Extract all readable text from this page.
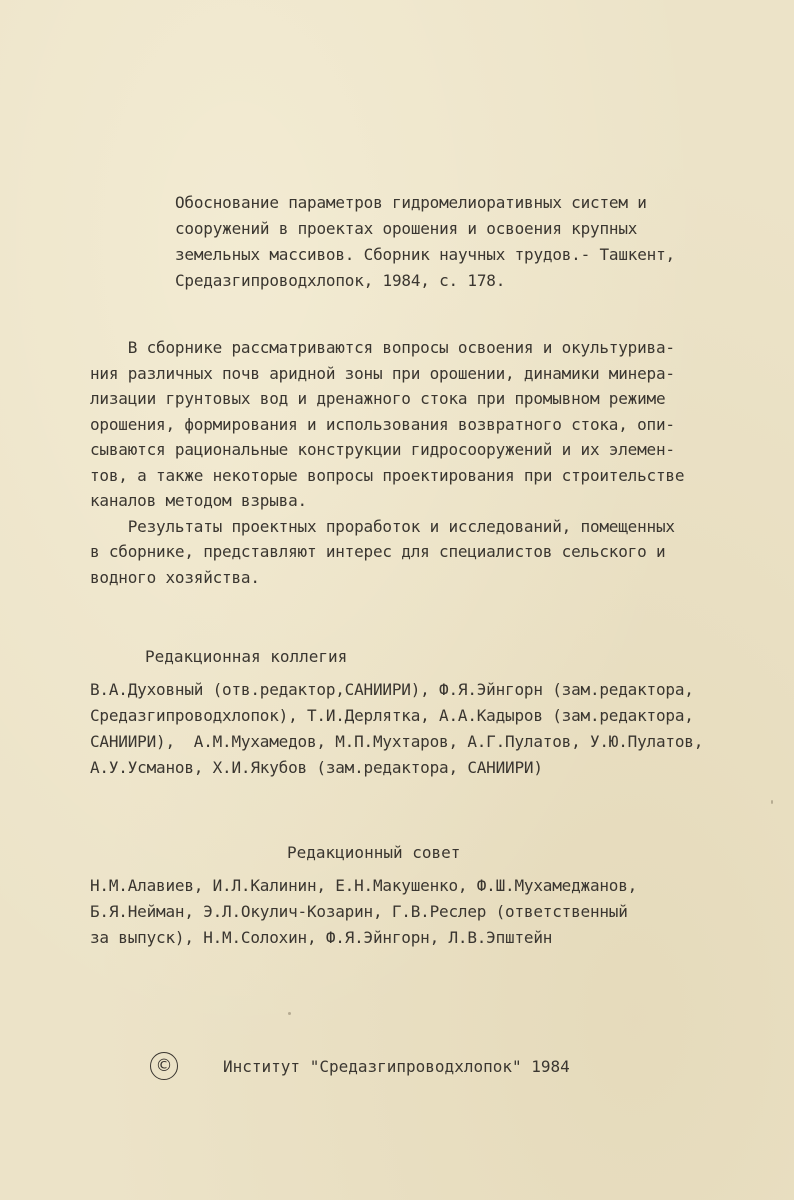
Обоснование параметров гидромелиоративных систем и
сооружений в проектах орошения и освоения крупных
земельных массивов. Сборник научных трудов.- Ташкент,
Средазгипроводхлопок, 1984, с. 178.

В сборнике рассматриваются вопросы освоения и окультурива-
ния различных почв аридной зоны при орошении, динамики минера-
лизации грунтовых вод и дренажного стока при промывном режиме
орошения, формирования и использования возвратного стока, опи-
сываются рациональные конструкции гидросооружений и их элемен-
тов, а также некоторые вопросы проектирования при строительстве
каналов методом взрыва.
Результаты проектных проработок и исследований, помещенных
в сборнике, представляют интерес для специалистов сельского и
водного хозяйства.

Редакционная коллегия

В.А.Духовный (отв.редактор,САНИИРИ), Ф.Я.Эйнгорн (зам.редактора,
Средазгипроводхлопок), Т.И.Дерлятка, А.А.Кадыров (зам.редактора,
САНИИРИ),  А.М.Мухамедов, М.П.Мухтаров, А.Г.Пулатов, У.Ю.Пулатов,
А.У.Усманов, Х.И.Якубов (зам.редактора, САНИИРИ)

Редакционный совет

Н.М.Алавиев, И.Л.Калинин, Е.Н.Макушенко, Ф.Ш.Мухамеджанов,
Б.Я.Нейман, Э.Л.Окулич-Козарин, Г.В.Реслер (ответственный
за выпуск), Н.М.Солохин, Ф.Я.Эйнгорн, Л.В.Эпштейн

©	Институт "Средазгипроводхлопок" 1984
